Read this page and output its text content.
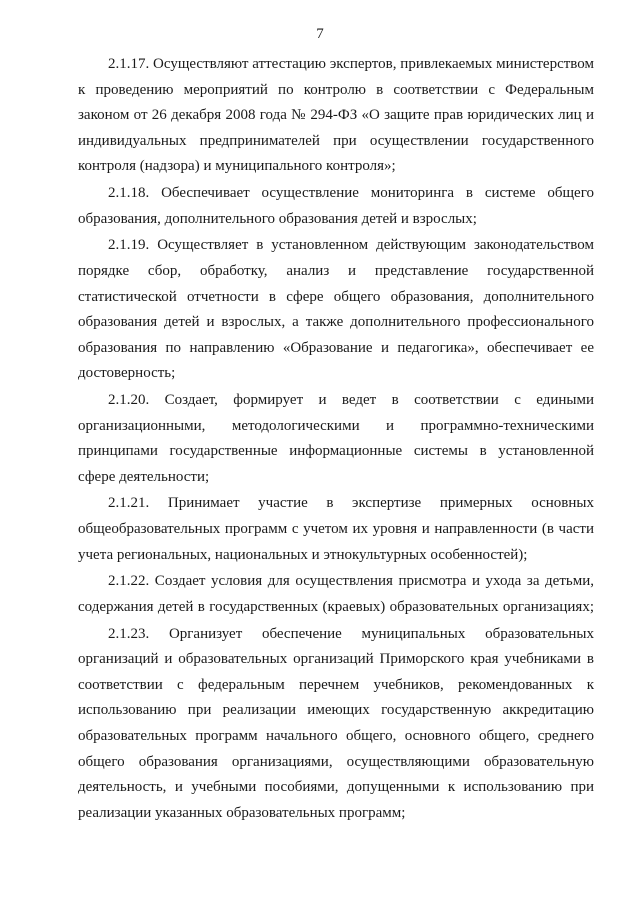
7

2.1.17. Осуществляют аттестацию экспертов, привлекаемых министерством к проведению мероприятий по контролю в соответствии с Федеральным законом от 26 декабря 2008 года № 294-ФЗ «О защите прав юридических лиц и индивидуальных предпринимателей при осуществлении государственного контроля (надзора) и муниципального контроля»;

2.1.18. Обеспечивает осуществление мониторинга в системе общего образования, дополнительного образования детей и взрослых;

2.1.19. Осуществляет в установленном действующим законодательством порядке сбор, обработку, анализ и представление государственной статистической отчетности в сфере общего образования, дополнительного образования детей и взрослых, а также дополнительного профессионального образования по направлению «Образование и педагогика», обеспечивает ее достоверность;

2.1.20. Создает, формирует и ведет в соответствии с едиными организационными, методологическими и программно-техническими принципами государственные информационные системы в установленной сфере деятельности;

2.1.21. Принимает участие в экспертизе примерных основных общеобразовательных программ с учетом их уровня и направленности (в части учета региональных, национальных и этнокультурных особенностей);

2.1.22. Создает условия для осуществления присмотра и ухода за детьми, содержания детей в государственных (краевых) образовательных организациях;

2.1.23. Организует обеспечение муниципальных образовательных организаций и образовательных организаций Приморского края учебниками в соответствии с федеральным перечнем учебников, рекомендованных к использованию при реализации имеющих государственную аккредитацию образовательных программ начального общего, основного общего, среднего общего образования организациями, осуществляющими образовательную деятельность, и учебными пособиями, допущенными к использованию при реализации указанных образовательных программ;
